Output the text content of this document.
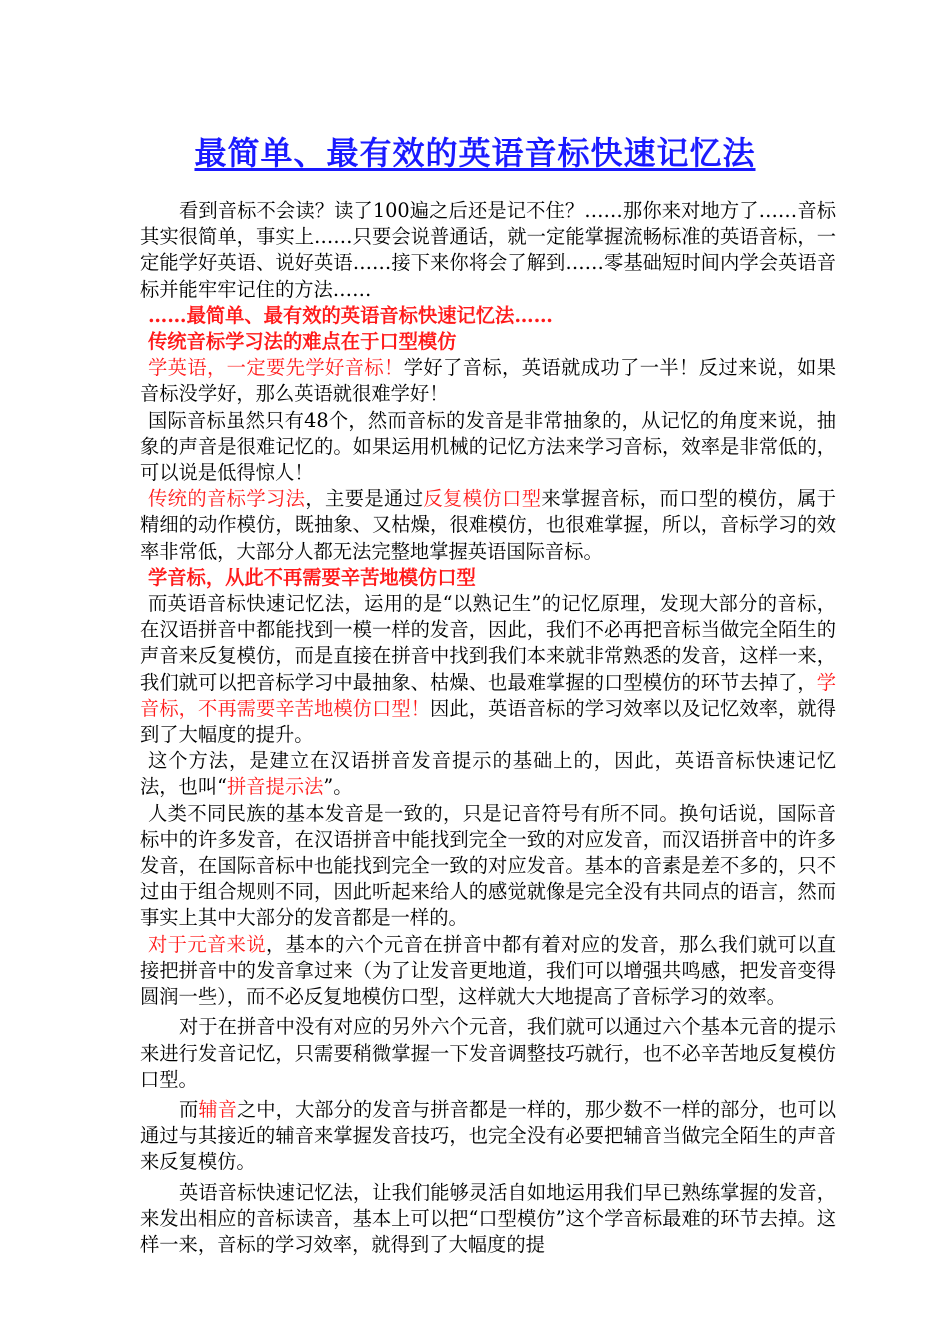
最简单、最有效的英语音标快速记忆法

看到音标不会读？读了100遍之后还是记不住？……那你来对地方了……音标其实很简单，事实上……只要会说普通话，就一定能掌握流畅标准的英语音标，一定能学好英语、说好英语……接下来你将会了解到……零基础短时间内学会英语音标并能牢牢记住的方法……

……最简单、最有效的英语音标快速记忆法……

传统音标学习法的难点在于口型模仿

学英语，一定要先学好音标！学好了音标，英语就成功了一半！反过来说，如果音标没学好，那么英语就很难学好！

国际音标虽然只有48个，然而音标的发音是非常抽象的，从记忆的角度来说，抽象的声音是很难记忆的。如果运用机械的记忆方法来学习音标，效率是非常低的，可以说是低得惊人！

传统的音标学习法，主要是通过反复模仿口型来掌握音标，而口型的模仿，属于精细的动作模仿，既抽象、又枯燥，很难模仿，也很难掌握，所以，音标学习的效率非常低，大部分人都无法完整地掌握英语国际音标。

学音标，从此不再需要辛苦地模仿口型

而英语音标快速记忆法，运用的是“以熟记生”的记忆原理，发现大部分的音标，在汉语拼音中都能找到一模一样的发音，因此，我们不必再把音标当做完全陌生的声音来反复模仿，而是直接在拼音中找到我们本来就非常熟悉的发音，这样一来，我们就可以把音标学习中最抽象、枯燥、也最难掌握的口型模仿的环节去掉了，学音标，不再需要辛苦地模仿口型！因此，英语音标的学习效率以及记忆效率，就得到了大幅度的提升。

这个方法，是建立在汉语拼音发音提示的基础上的，因此，英语音标快速记忆法，也叫“拼音提示法”。

人类不同民族的基本发音是一致的，只是记音符号有所不同。换句话说，国际音标中的许多发音，在汉语拼音中能找到完全一致的对应发音，而汉语拼音中的许多发音，在国际音标中也能找到完全一致的对应发音。基本的音素是差不多的，只不过由于组合规则不同，因此听起来给人的感觉就像是完全没有共同点的语言，然而事实上其中大部分的发音都是一样的。

对于元音来说，基本的六个元音在拼音中都有着对应的发音，那么我们就可以直接把拼音中的发音拿过来（为了让发音更地道，我们可以增强共鸣感，把发音变得圆润一些），而不必反复地模仿口型，这样就大大地提高了音标学习的效率。

对于在拼音中没有对应的另外六个元音，我们就可以通过六个基本元音的提示来进行发音记忆，只需要稍微掌握一下发音调整技巧就行，也不必辛苦地反复模仿口型。

而辅音之中，大部分的发音与拼音都是一样的，那少数不一样的部分，也可以通过与其接近的辅音来掌握发音技巧，也完全没有必要把辅音当做完全陌生的声音来反复模仿。

英语音标快速记忆法，让我们能够灵活自如地运用我们早已熟练掌握的发音，来发出相应的音标读音，基本上可以把“口型模仿”这个学音标最难的环节去掉。这样一来，音标的学习效率，就得到了大幅度的提
